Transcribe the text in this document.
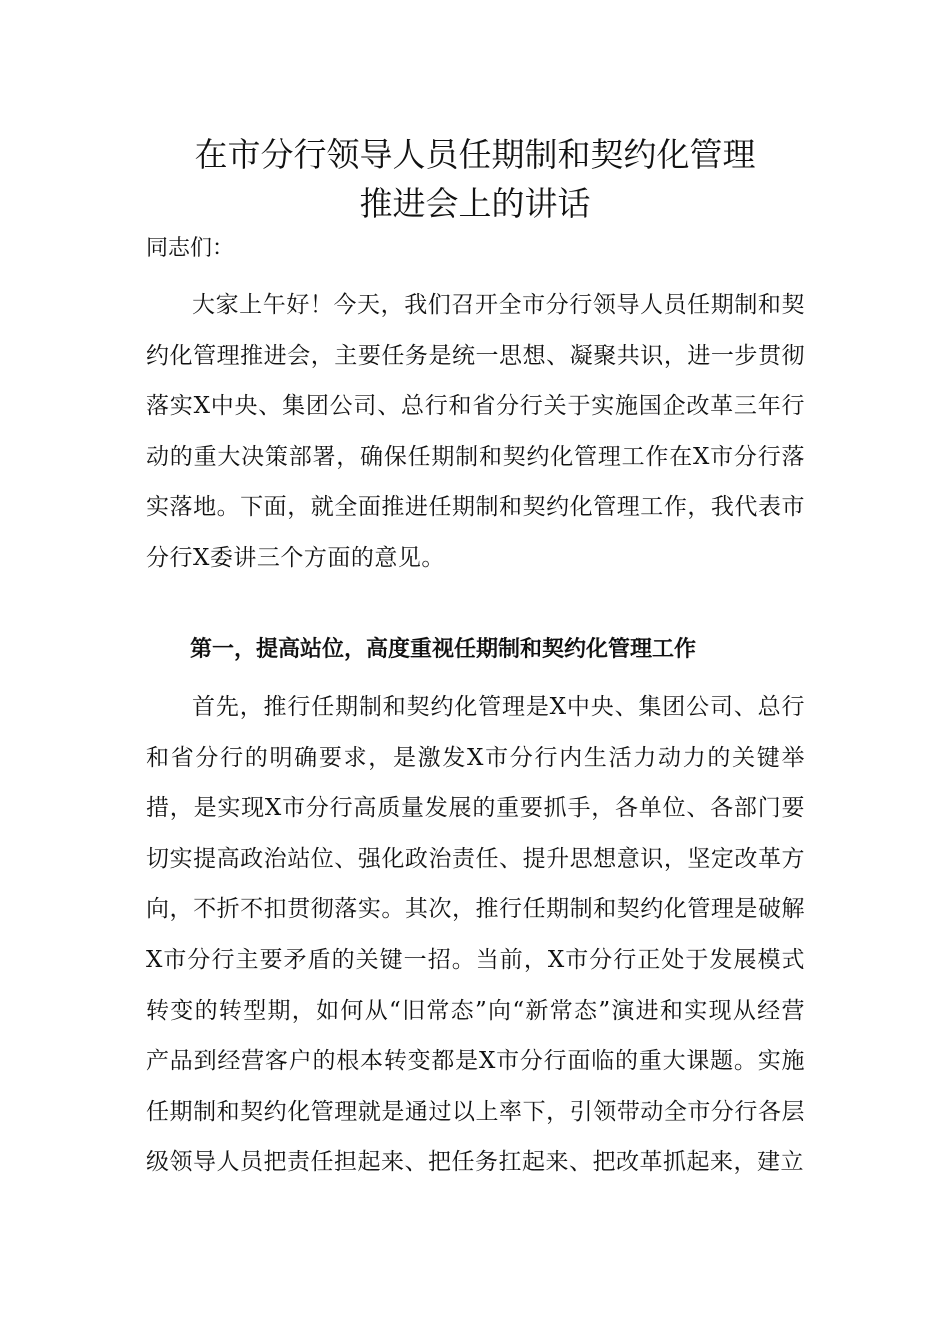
在市分行领导人员任期制和契约化管理
推进会上的讲话

同志们：

大家上午好！今天，我们召开全市分行领导人员任期制和契约化管理推进会，主要任务是统一思想、凝聚共识，进一步贯彻落实X中央、集团公司、总行和省分行关于实施国企改革三年行动的重大决策部署，确保任期制和契约化管理工作在X市分行落实落地。下面，就全面推进任期制和契约化管理工作，我代表市分行X委讲三个方面的意见。

第一，提高站位，高度重视任期制和契约化管理工作

首先，推行任期制和契约化管理是X中央、集团公司、总行和省分行的明确要求，是激发X市分行内生活力动力的关键举措，是实现X市分行高质量发展的重要抓手，各单位、各部门要切实提高政治站位、强化政治责任、提升思想意识，坚定改革方向，不折不扣贯彻落实。其次，推行任期制和契约化管理是破解X市分行主要矛盾的关键一招。当前，X市分行正处于发展模式转变的转型期，如何从“旧常态”向“新常态”演进和实现从经营产品到经营客户的根本转变都是X市分行面临的重大课题。实施任期制和契约化管理就是通过以上率下，引领带动全市分行各层级领导人员把责任担起来、把任务扛起来、把改革抓起来，建立
